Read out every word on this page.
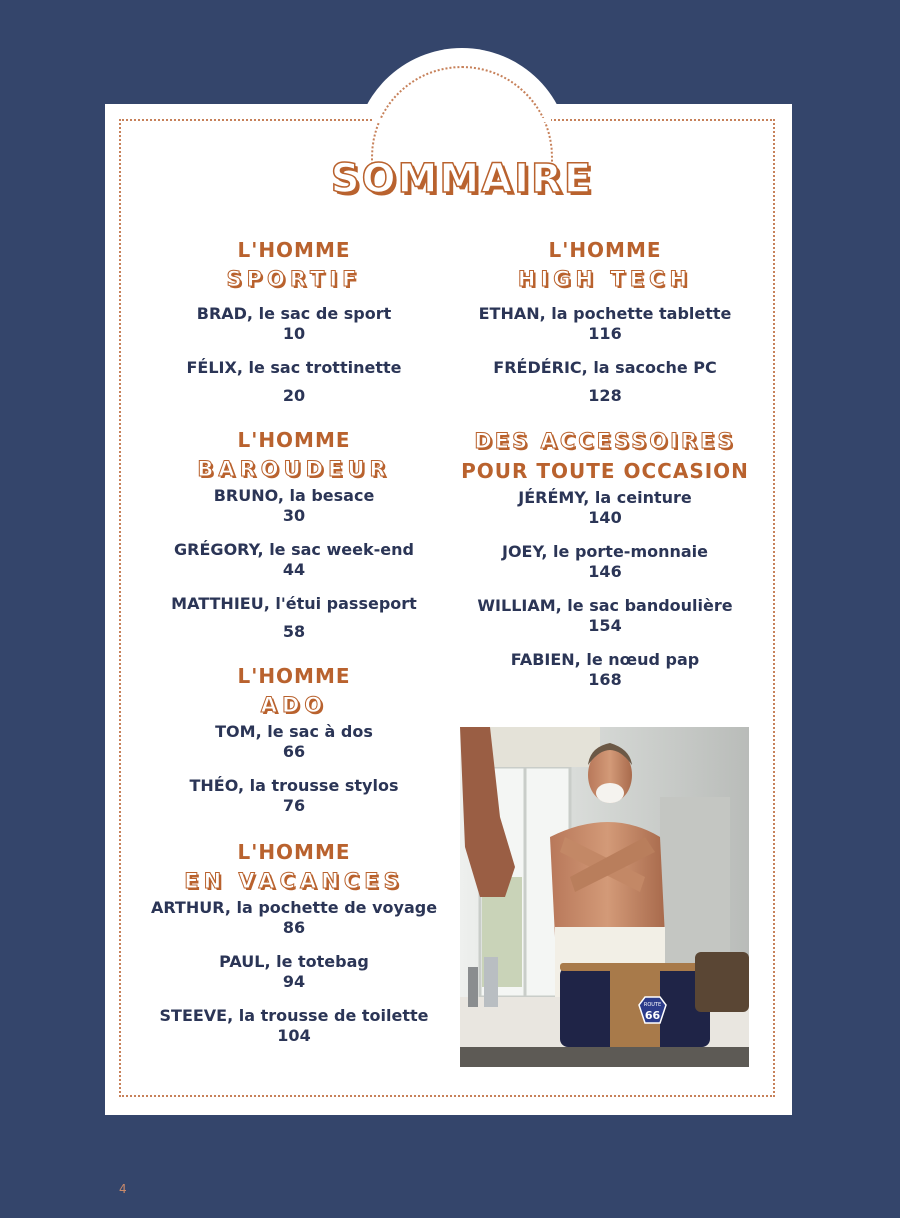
SOMMAIRE
L'HOMME
SPORTIF
BRAD, le sac de sport
10
FÉLIX, le sac trottinette
20
L'HOMME
BAROUDEUR
BRUNO, la besace
30
GRÉGORY, le sac week-end
44
MATTHIEU, l'étui passeport
58
L'HOMME
ADO
TOM, le sac à dos
66
THÉO, la trousse stylos
76
L'HOMME
EN VACANCES
ARTHUR, la pochette de voyage
86
PAUL, le totebag
94
STEEVE, la trousse de toilette
104
L'HOMME
HIGH TECH
ETHAN, la pochette tablette
116
FRÉDÉRIC, la sacoche PC
128
DES ACCESSOIRES
POUR TOUTE OCCASION
JÉRÉMY, la ceinture
140
JOEY, le porte-monnaie
146
WILLIAM, le sac bandoulière
154
FABIEN, le nœud pap
168
ROUTE
66
4
